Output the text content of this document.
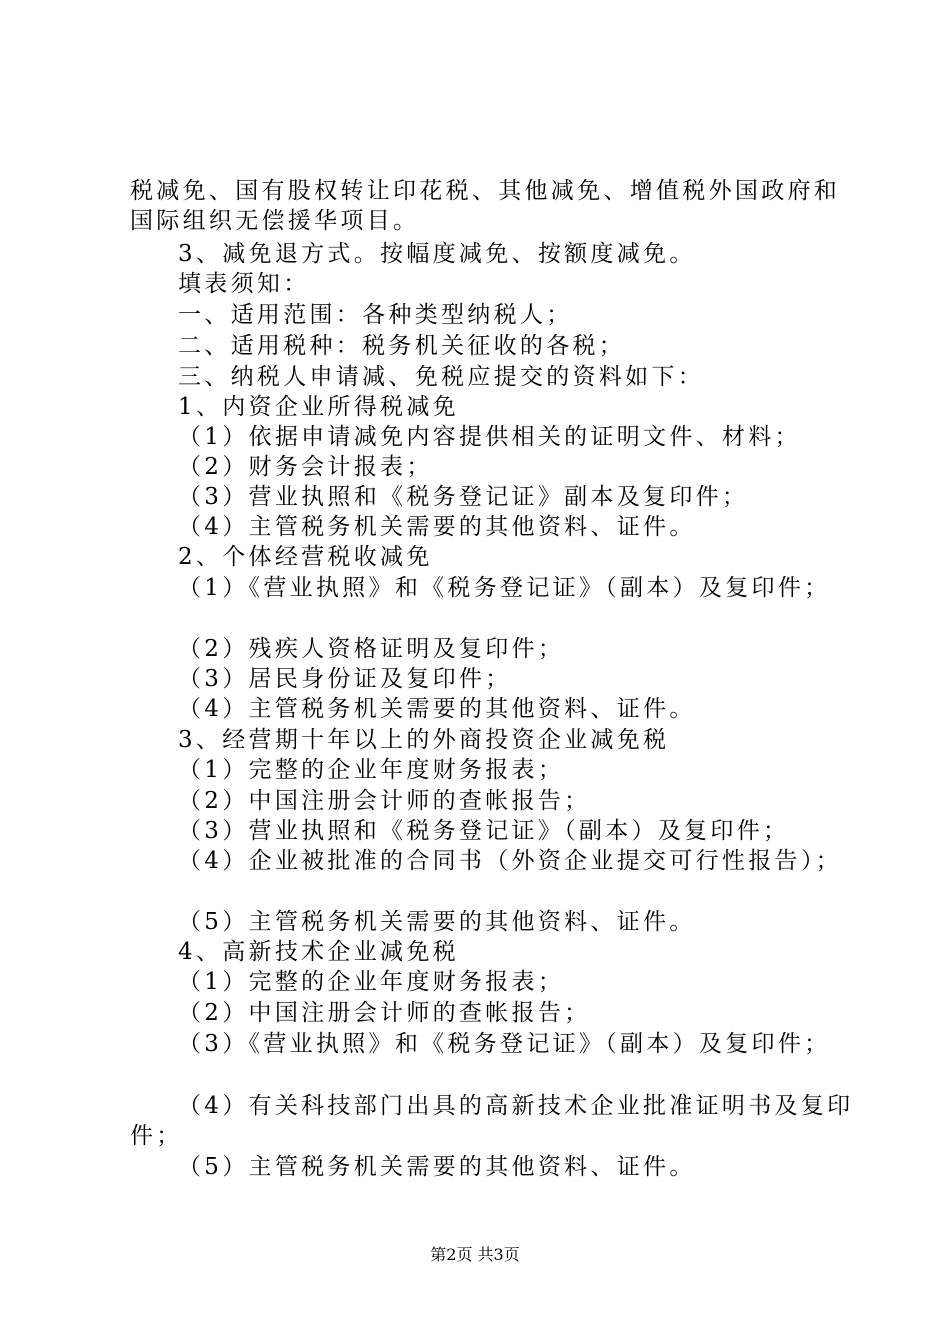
税减免、国有股权转让印花税、其他减免、增值税外国政府和
国际组织无偿援华项目。
3、减免退方式。按幅度减免、按额度减免。
填表须知：
一、适用范围：各种类型纳税人；
二、适用税种：税务机关征收的各税；
三、纳税人申请减、免税应提交的资料如下：
1、内资企业所得税减免
（1）依据申请减免内容提供相关的证明文件、材料；
（2）财务会计报表；
（3）营业执照和《税务登记证》副本及复印件；
（4）主管税务机关需要的其他资料、证件。
2、个体经营税收减免
（1）《营业执照》和《税务登记证》（副本）及复印件；
（2）残疾人资格证明及复印件；
（3）居民身份证及复印件；
（4）主管税务机关需要的其他资料、证件。
3、经营期十年以上的外商投资企业减免税
（1）完整的企业年度财务报表；
（2）中国注册会计师的查帐报告；
（3）营业执照和《税务登记证》（副本）及复印件；
（4）企业被批准的合同书（外资企业提交可行性报告）；
（5）主管税务机关需要的其他资料、证件。
4、高新技术企业减免税
（1）完整的企业年度财务报表；
（2）中国注册会计师的查帐报告；
（3）《营业执照》和《税务登记证》（副本）及复印件；
（4）有关科技部门出具的高新技术企业批准证明书及复印
件；
（5）主管税务机关需要的其他资料、证件。
第2页 共3页
